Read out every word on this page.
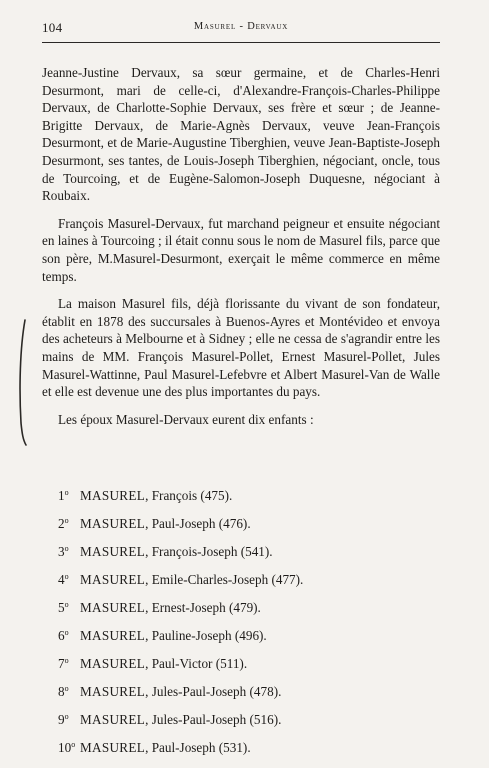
104	Masurel - Dervaux

Jeanne-Justine Dervaux, sa sœur germaine, et de Charles-Henri Desurmont, mari de celle-ci, d'Alexandre-François-Charles-Philippe Dervaux, de Charlotte-Sophie Dervaux, ses frère et sœur ; de Jeanne-Brigitte Dervaux, de Marie-Agnès Dervaux, veuve Jean-François Desurmont, et de Marie-Augustine Tiberghien, veuve Jean-Baptiste-Joseph Desurmont, ses tantes, de Louis-Joseph Tiberghien, négociant, oncle, tous de Tourcoing, et de Eugène-Salomon-Joseph Duquesne, négociant à Roubaix.

François Masurel-Dervaux, fut marchand peigneur et ensuite négociant en laines à Tourcoing ; il était connu sous le nom de Masurel fils, parce que son père, M.Masurel-Desurmont, exerçait le même commerce en même temps.

La maison Masurel fils, déjà florissante du vivant de son fondateur, établit en 1878 des succursales à Buenos-Ayres et Montévideo et envoya des acheteurs à Melbourne et à Sidney ; elle ne cessa de s'agrandir entre les mains de MM. François Masurel-Pollet, Ernest Masurel-Pollet, Jules Masurel-Wattinne, Paul Masurel-Lefebvre et Albert Masurel-Van de Walle et elle est devenue une des plus importantes du pays.

Les époux Masurel-Dervaux eurent dix enfants :

1$^o$ MASUREL, François (475).
2$^o$ MASUREL, Paul-Joseph (476).
3$^o$ MASUREL, François-Joseph (541).
4$^o$ MASUREL, Emile-Charles-Joseph (477).
5$^o$ MASUREL, Ernest-Joseph (479).
6$^o$ MASUREL, Pauline-Joseph (496).
7$^o$ MASUREL, Paul-Victor (511).
8$^o$ MASUREL, Jules-Paul-Joseph (478).
9$^o$ MASUREL, Jules-Paul-Joseph (516).
10$^o$ MASUREL, Paul-Joseph (531).
